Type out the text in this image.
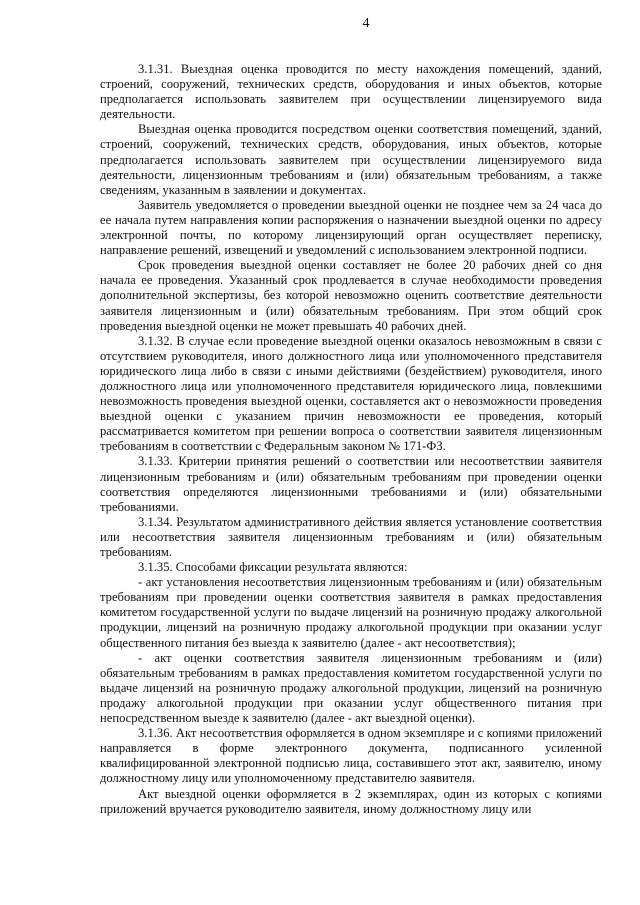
4

3.1.31. Выездная оценка проводится по месту нахождения помещений, зданий, строений, сооружений, технических средств, оборудования и иных объектов, которые предполагается использовать заявителем при осуществлении лицензируемого вида деятельности.

Выездная оценка проводится посредством оценки соответствия помещений, зданий, строений, сооружений, технических средств, оборудования, иных объектов, которые предполагается использовать заявителем при осуществлении лицензируемого вида деятельности, лицензионным требованиям и (или) обязательным требованиям, а также сведениям, указанным в заявлении и документах.

Заявитель уведомляется о проведении выездной оценки не позднее чем за 24 часа до ее начала путем направления копии распоряжения о назначении выездной оценки по адресу электронной почты, по которому лицензирующий орган осуществляет переписку, направление решений, извещений и уведомлений с использованием электронной подписи.

Срок проведения выездной оценки составляет не более 20 рабочих дней со дня начала ее проведения. Указанный срок продлевается в случае необходимости проведения дополнительной экспертизы, без которой невозможно оценить соответствие деятельности заявителя лицензионным и (или) обязательным требованиям. При этом общий срок проведения выездной оценки не может превышать 40 рабочих дней.

3.1.32. В случае если проведение выездной оценки оказалось невозможным в связи с отсутствием руководителя, иного должностного лица или уполномоченного представителя юридического лица либо в связи с иными действиями (бездействием) руководителя, иного должностного лица или уполномоченного представителя юридического лица, повлекшими невозможность проведения выездной оценки, составляется акт о невозможности проведения выездной оценки с указанием причин невозможности ее проведения, который рассматривается комитетом при решении вопроса о соответствии заявителя лицензионным требованиям в соответствии с Федеральным законом № 171-ФЗ.

3.1.33. Критерии принятия решений о соответствии или несоответствии заявителя лицензионным требованиям и (или) обязательным требованиям при проведении оценки соответствия определяются лицензионными требованиями и (или) обязательными требованиями.

3.1.34. Результатом административного действия является установление соответствия или несоответствия заявителя лицензионным требованиям и (или) обязательным требованиям.

3.1.35. Способами фиксации результата являются:

- акт установления несоответствия лицензионным требованиям и (или) обязательным требованиям при проведении оценки соответствия заявителя в рамках предоставления комитетом государственной услуги по выдаче лицензий на розничную продажу алкогольной продукции, лицензий на розничную продажу алкогольной продукции при оказании услуг общественного питания без выезда к заявителю (далее - акт несоответствия);

- акт оценки соответствия заявителя лицензионным требованиям и (или) обязательным требованиям в рамках предоставления комитетом государственной услуги по выдаче лицензий на розничную продажу алкогольной продукции, лицензий на розничную продажу алкогольной продукции при оказании услуг общественного питания при непосредственном выезде к заявителю (далее - акт выездной оценки).

3.1.36. Акт несоответствия оформляется в одном экземпляре и с копиями приложений направляется в форме электронного документа, подписанного усиленной квалифицированной электронной подписью лица, составившего этот акт, заявителю, иному должностному лицу или уполномоченному представителю заявителя.

Акт выездной оценки оформляется в 2 экземплярах, один из которых с копиями приложений вручается руководителю заявителя, иному должностному лицу или
